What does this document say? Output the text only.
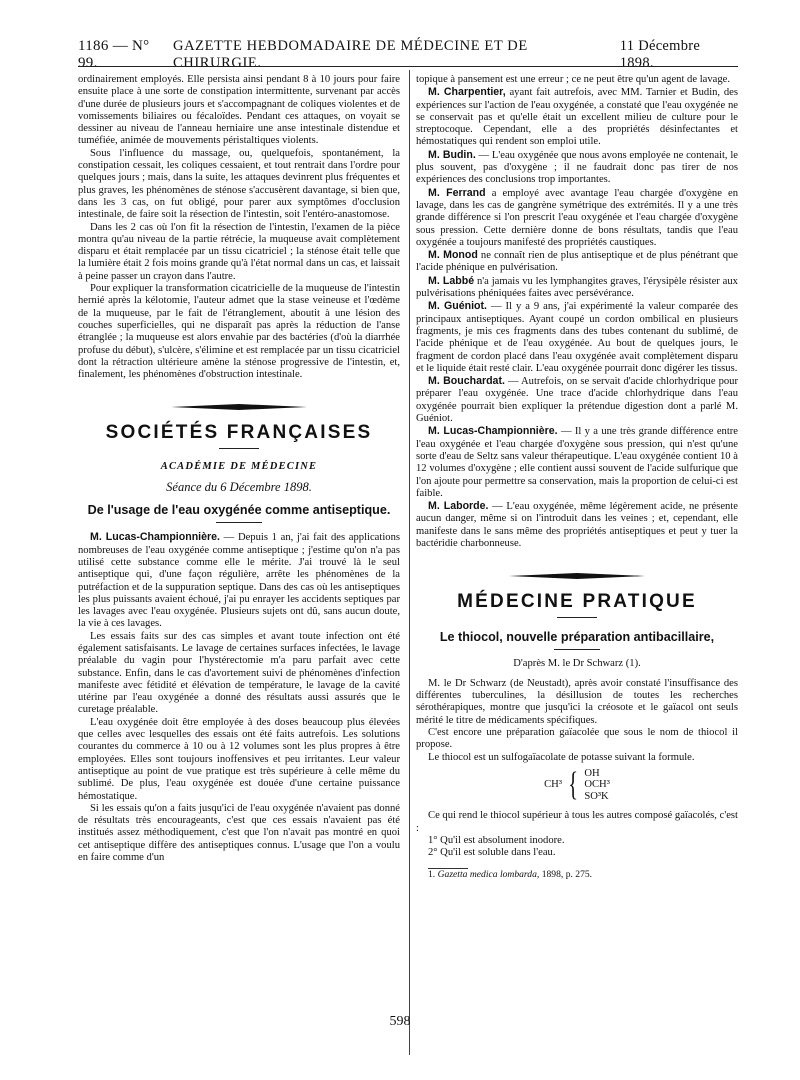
1186 — N° 99.
GAZETTE HEBDOMADAIRE DE MÉDECINE ET DE CHIRURGIE.
11 Décembre 1898.

ordinairement employés. Elle persista ainsi pendant 8 à 10 jours pour faire ensuite place à une sorte de constipation intermittente, survenant par accès d'une durée de plusieurs jours et s'accompagnant de coliques violentes et de vomissements biliaires ou fécaloïdes. Pendant ces attaques, on voyait se dessiner au niveau de l'anneau herniaire une anse intestinale distendue et tuméfiée, animée de mouvements péristaltiques violents.

Sous l'influence du massage, ou, quelquefois, spontanément, la constipation cessait, les coliques cessaient, et tout rentrait dans l'ordre pour quelques jours ; mais, dans la suite, les attaques devinrent plus fréquentes et plus graves, les phénomènes de sténose s'accusèrent davantage, si bien que, dans les 3 cas, on fut obligé, pour parer aux symptômes d'occlusion intestinale, de faire soit la résection de l'intestin, soit l'entéro-anastomose.

Dans les 2 cas où l'on fit la résection de l'intestin, l'examen de la pièce montra qu'au niveau de la partie rétrécie, la muqueuse avait complètement disparu et était remplacée par un tissu cicatriciel ; la sténose était telle que la lumière était 2 fois moins grande qu'à l'état normal dans un cas, et laissait à peine passer un crayon dans l'autre.

Pour expliquer la transformation cicatricielle de la muqueuse de l'intestin hernié après la kélotomie, l'auteur admet que la stase veineuse et l'œdème de la muqueuse, par le fait de l'étranglement, aboutit à une lésion des couches superficielles, qui ne disparaît pas après la réduction de l'anse étranglée ; la muqueuse est alors envahie par des bactéries (d'où la diarrhée profuse du début), s'ulcère, s'élimine et est remplacée par un tissu cicatriciel dont la rétraction ultérieure amène la sténose progressive de l'intestin, et, finalement, les phénomènes d'obstruction intestinale.

SOCIÉTÉS FRANÇAISES
ACADÉMIE DE MÉDECINE
Séance du 6 Décembre 1898.
De l'usage de l'eau oxygénée comme antiseptique.

M. Lucas-Championnière. — Depuis 1 an, j'ai fait des applications nombreuses de l'eau oxygénée comme antiseptique ; j'estime qu'on n'a pas utilisé cette substance comme elle le mérite. J'ai trouvé là le seul antiseptique qui, d'une façon régulière, arrête les phénomènes de la putréfaction et de la suppuration septique. Dans des cas où les antiseptiques les plus puissants avaient échoué, j'ai pu enrayer les accidents septiques par les lavages avec l'eau oxygénée. Plusieurs sujets ont dû, sans aucun doute, la vie à ces lavages.

Les essais faits sur des cas simples et avant toute infection ont été également satisfaisants. Le lavage de certaines surfaces infectées, le lavage préalable du vagin pour l'hystérectomie m'a paru parfait avec cette substance. Enfin, dans le cas d'avortement suivi de phénomènes d'infection manifeste avec fétidité et élévation de température, le lavage de la cavité utérine par l'eau oxygénée a donné des résultats aussi assurés que le curetage préalable.

L'eau oxygénée doit être employée à des doses beaucoup plus élevées que celles avec lesquelles des essais ont été faits autrefois. Les solutions courantes du commerce à 10 ou à 12 volumes sont les plus propres à être employées. Elles sont toujours inoffensives et peu irritantes. Leur valeur antiseptique au point de vue pratique est très supérieure à celle même du sublimé. De plus, l'eau oxygénée est douée d'une certaine puissance hémostatique.

Si les essais qu'on a faits jusqu'ici de l'eau oxygénée n'avaient pas donné de résultats très encourageants, c'est que ces essais n'avaient pas été institués assez méthodiquement, c'est que l'on n'avait pas montré en quoi cet antiseptique diffère des antiseptiques connus. L'usage que l'on a voulu en faire comme d'un

topique à pansement est une erreur ; ce ne peut être qu'un agent de lavage.

M. Charpentier, ayant fait autrefois, avec MM. Tarnier et Budin, des expériences sur l'action de l'eau oxygénée, a constaté que l'eau oxygénée ne se conservait pas et qu'elle était un excellent milieu de culture pour le streptocoque. Cependant, elle a des propriétés désinfectantes et hémostatiques qui rendent son emploi utile.

M. Budin. — L'eau oxygénée que nous avons employée ne contenait, le plus souvent, pas d'oxygène ; il ne faudrait donc pas tirer de nos expériences des conclusions trop importantes.

M. Ferrand a employé avec avantage l'eau chargée d'oxygène en lavage, dans les cas de gangrène symétrique des extrémités. Il y a une très grande différence si l'on prescrit l'eau oxygénée et l'eau chargée d'oxygène sous pression. Cette dernière donne de bons résultats, tandis que l'eau oxygénée a toujours manifesté des propriétés caustiques.

M. Monod ne connaît rien de plus antiseptique et de plus pénétrant que l'acide phénique en pulvérisation.

M. Labbé n'a jamais vu les lymphangites graves, l'érysipèle résister aux pulvérisations phéniquées faites avec persévérance.

M. Guéniot. — Il y a 9 ans, j'ai expérimenté la valeur comparée des principaux antiseptiques. Ayant coupé un cordon ombilical en plusieurs fragments, je mis ces fragments dans des tubes contenant du sublimé, de l'acide phénique et de l'eau oxygénée. Au bout de quelques jours, le fragment de cordon placé dans l'eau oxygénée avait complètement disparu et le liquide était resté clair. L'eau oxygénée pourrait donc digérer les tissus.

M. Bouchardat. — Autrefois, on se servait d'acide chlorhydrique pour préparer l'eau oxygénée. Une trace d'acide chlorhydrique dans l'eau oxygénée pourrait bien expliquer la prétendue digestion dont a parlé M. Guéniot.

M. Lucas-Championnière. — Il y a une très grande différence entre l'eau oxygénée et l'eau chargée d'oxygène sous pression, qui n'est qu'une sorte d'eau de Seltz sans valeur thérapeutique. L'eau oxygénée contient 10 à 12 volumes d'oxygène ; elle contient aussi souvent de l'acide sulfurique que l'on ajoute pour permettre sa conservation, mais la proportion de celui-ci est faible.

M. Laborde. — L'eau oxygénée, même légèrement acide, ne présente aucun danger, même si on l'introduit dans les veines ; et, cependant, elle manifeste dans le sans même des propriétés antiseptiques et peut y tuer la bactéridie charbonneuse.

MÉDECINE PRATIQUE
Le thiocol, nouvelle préparation antibacillaire,
D'après M. le Dr Schwarz (1).

M. le Dr Schwarz (de Neustadt), après avoir constaté l'insuffisance des différentes tuberculines, la désillusion de toutes les recherches sérothérapiques, montre que jusqu'ici la créosote et le gaïacol ont seuls mérité le titre de médicaments spécifiques.

C'est encore une préparation gaïacolée que sous le nom de thiocol il propose.

Le thiocol est un sulfogaïacolate de potasse suivant la formule.

CH³ { OH
OCH³
SO³K

Ce qui rend le thiocol supérieur à tous les autres composé gaïacolés, c'est :

1° Qu'il est absolument inodore.

2° Qu'il est soluble dans l'eau.

1. Gazetta medica lombarda, 1898, p. 275.

598
